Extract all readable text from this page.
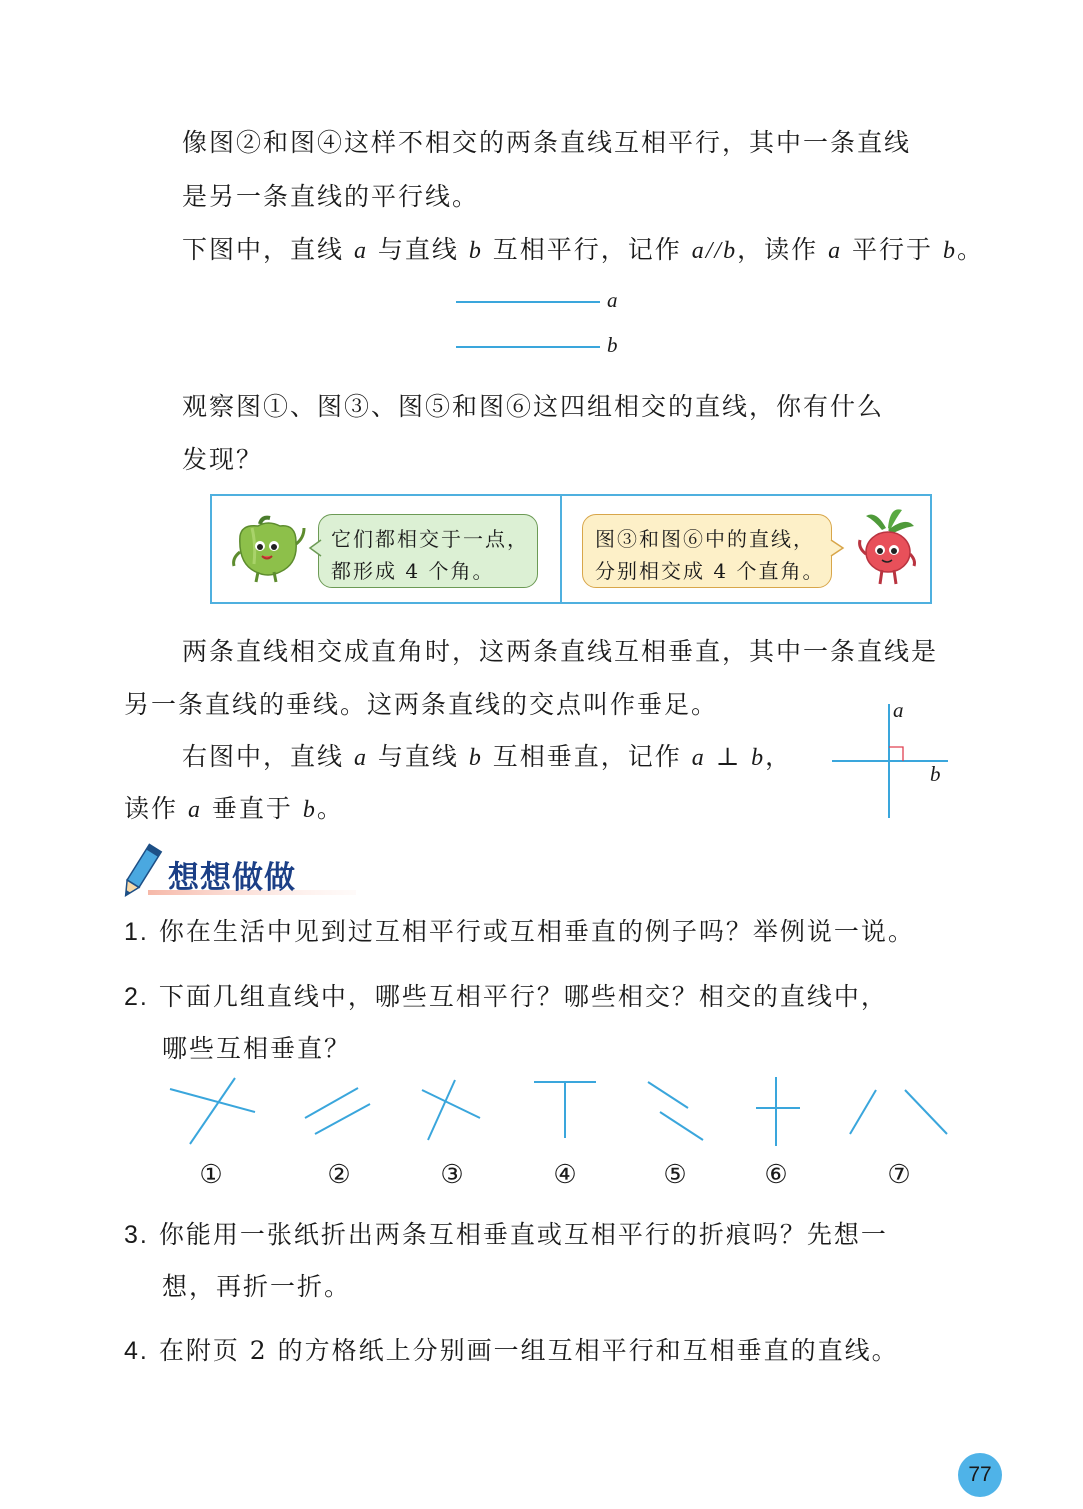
像图②和图④这样不相交的两条直线互相平行，其中一条直线
是另一条直线的平行线。
下图中，直线 a 与直线 b 互相平行，记作 a//b，读作 a 平行于 b。
a
b
观察图①、图③、图⑤和图⑥这四组相交的直线，你有什么
发现？
它们都相交于一点，
都形成 4 个角。
图③和图⑥中的直线，
分别相交成 4 个直角。
两条直线相交成直角时，这两条直线互相垂直，其中一条直线是
另一条直线的垂线。这两条直线的交点叫作垂足。
右图中，直线 a 与直线 b 互相垂直，记作 a ⊥ b，
读作 a 垂直于 b。
a
b
想想做做
1. 你在生活中见到过互相平行或互相垂直的例子吗？举例说一说。
2. 下面几组直线中，哪些互相平行？哪些相交？相交的直线中，
哪些互相垂直？
①	②	③	④	⑤	⑥	⑦
3. 你能用一张纸折出两条互相垂直或互相平行的折痕吗？先想一
想，再折一折。
4. 在附页 2 的方格纸上分别画一组互相平行和互相垂直的直线。
77
